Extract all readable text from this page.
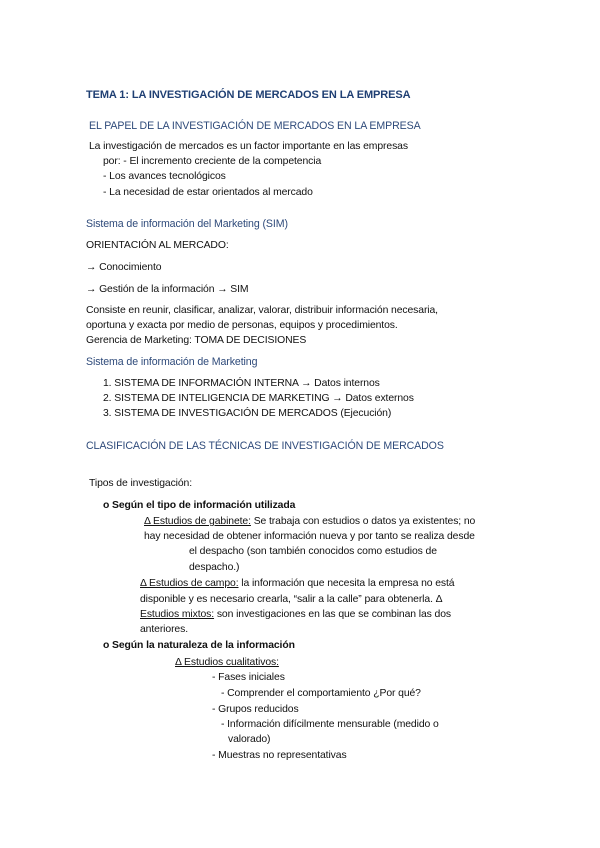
TEMA 1: LA INVESTIGACIÓN DE MERCADOS EN LA EMPRESA
EL PAPEL DE LA INVESTIGACIÓN DE MERCADOS EN LA EMPRESA
La investigación de mercados es un factor importante en las empresas
por: - El incremento creciente de la competencia
- Los avances tecnológicos
- La necesidad de estar orientados al mercado
Sistema de información del Marketing (SIM)
ORIENTACIÓN AL MERCADO:
→ Conocimiento
→ Gestión de la información → SIM
Consiste en reunir, clasificar, analizar, valorar, distribuir información necesaria,
oportuna y exacta por medio de personas, equipos y procedimientos.
Gerencia de Marketing: TOMA DE DECISIONES
Sistema de información de Marketing
1. SISTEMA DE INFORMACIÓN INTERNA → Datos internos
2. SISTEMA DE INTELIGENCIA DE MARKETING → Datos externos
3. SISTEMA DE INVESTIGACIÓN DE MERCADOS (Ejecución)
CLASIFICACIÓN DE LAS TÉCNICAS DE INVESTIGACIÓN DE MERCADOS
Tipos de investigación:
o Según el tipo de información utilizada
Δ Estudios de gabinete: Se trabaja con estudios o datos ya existentes; no
hay necesidad de obtener información nueva y por tanto se realiza desde
el despacho (son también conocidos como estudios de
despacho.)
Δ Estudios de campo: la información que necesita la empresa no está
disponible y es necesario crearla, “salir a la calle” para obtenerla. Δ
Estudios mixtos: son investigaciones en las que se combinan las dos
anteriores.
o Según la naturaleza de la información
Δ Estudios cualitativos:
- Fases iniciales
- Comprender el comportamiento ¿Por qué?
- Grupos reducidos
- Información difícilmente mensurable (medido o
valorado)
- Muestras no representativas
